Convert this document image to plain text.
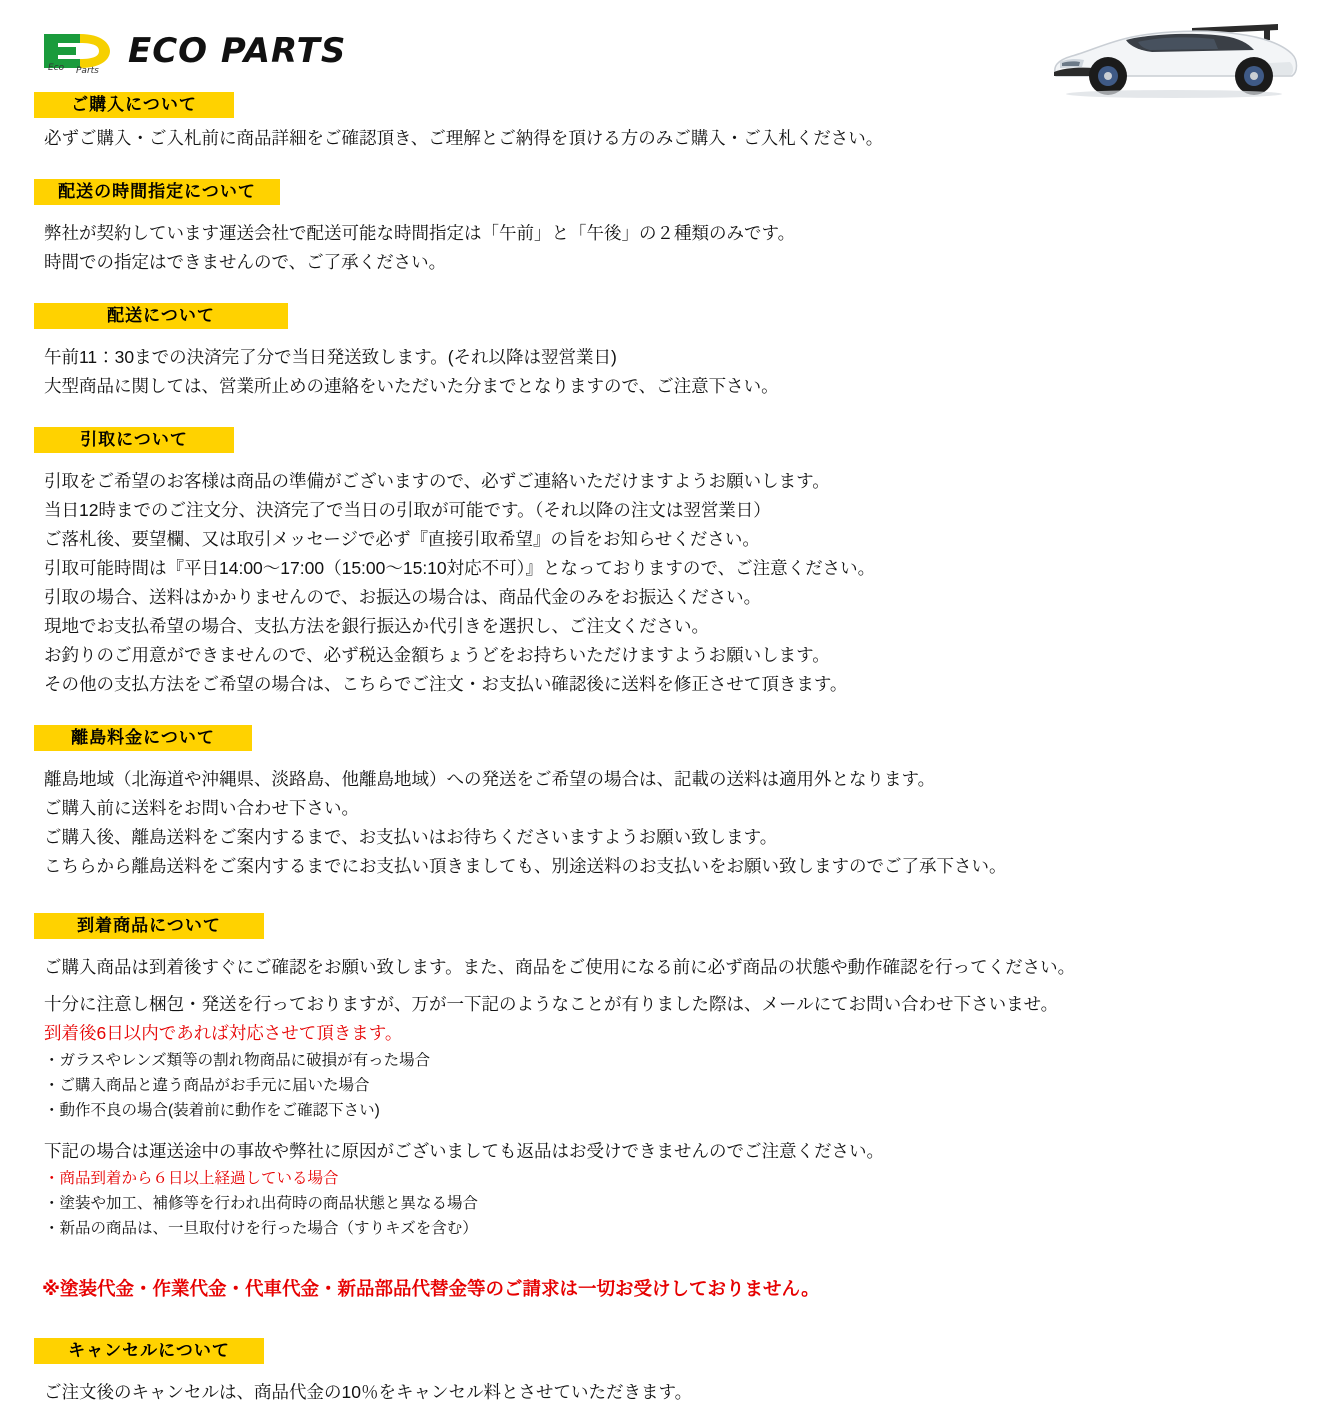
Eco Parts ECO PARTS
ご購入について

必ずご購入・ご入札前に商品詳細をご確認頂き、ご理解とご納得を頂ける方のみご購入・ご入札ください。

配送の時間指定について

弊社が契約しています運送会社で配送可能な時間指定は「午前」と「午後」の２種類のみです。

時間での指定はできませんので、ご了承ください。

配送について

午前11：30までの決済完了分で当日発送致します。(それ以降は翌営業日)

大型商品に関しては、営業所止めの連絡をいただいた分までとなりますので、ご注意下さい。

引取について

引取をご希望のお客様は商品の準備がございますので、必ずご連絡いただけますようお願いします。

当日12時までのご注文分、決済完了で当日の引取が可能です。（それ以降の注文は翌営業日）

ご落札後、要望欄、又は取引メッセージで必ず『直接引取希望』の旨をお知らせください。

引取可能時間は『平日14:00〜17:00（15:00〜15:10対応不可）』となっておりますので、ご注意ください。

引取の場合、送料はかかりませんので、お振込の場合は、商品代金のみをお振込ください。

現地でお支払希望の場合、支払方法を銀行振込か代引きを選択し、ご注文ください。

お釣りのご用意ができませんので、必ず税込金額ちょうどをお持ちいただけますようお願いします。

その他の支払方法をご希望の場合は、こちらでご注文・お支払い確認後に送料を修正させて頂きます。

離島料金について

離島地域（北海道や沖縄県、淡路島、他離島地域）への発送をご希望の場合は、記載の送料は適用外となります。

ご購入前に送料をお問い合わせ下さい。

ご購入後、離島送料をご案内するまで、お支払いはお待ちくださいますようお願い致します。

こちらから離島送料をご案内するまでにお支払い頂きましても、別途送料のお支払いをお願い致しますのでご了承下さい。

到着商品について

ご購入商品は到着後すぐにご確認をお願い致します。また、商品をご使用になる前に必ず商品の状態や動作確認を行ってください。

十分に注意し梱包・発送を行っておりますが、万が一下記のようなことが有りました際は、メールにてお問い合わせ下さいませ。

到着後6日以内であれば対応させて頂きます。

・ガラスやレンズ類等の割れ物商品に破損が有った場合

・ご購入商品と違う商品がお手元に届いた場合

・動作不良の場合(装着前に動作をご確認下さい)

下記の場合は運送途中の事故や弊社に原因がございましても返品はお受けできませんのでご注意ください。

・商品到着から６日以上経過している場合

・塗装や加工、補修等を行われ出荷時の商品状態と異なる場合

・新品の商品は、一旦取付けを行った場合（すりキズを含む）

※塗装代金・作業代金・代車代金・新品部品代替金等のご請求は一切お受けしておりません。

キャンセルについて

ご注文後のキャンセルは、商品代金の10％をキャンセル料とさせていただきます。
